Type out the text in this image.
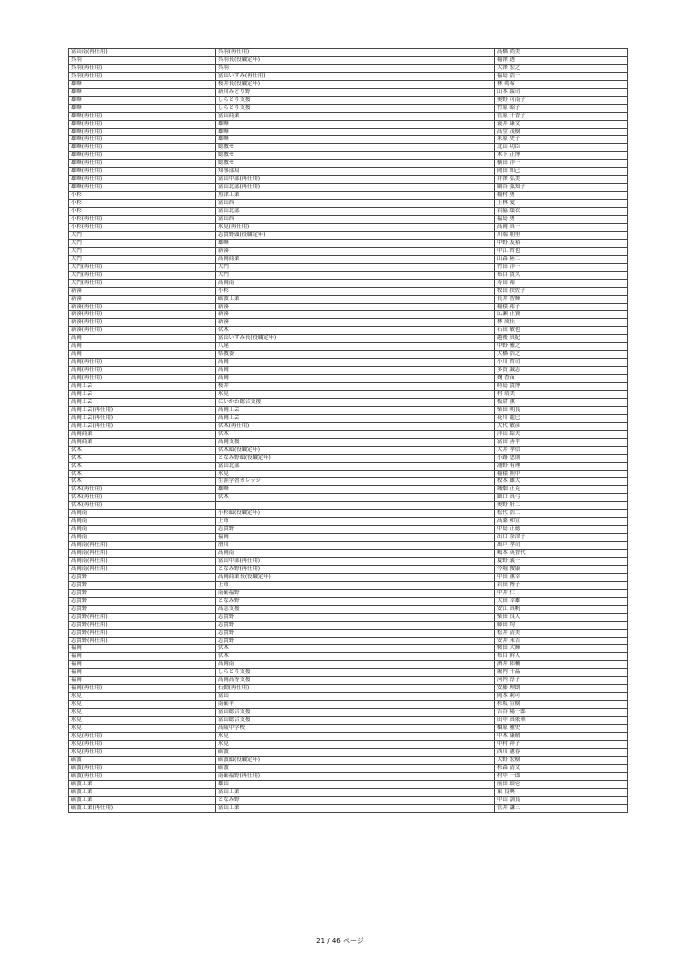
富山南(再任用)	呉羽(再任用)	高橋 尚美
呉羽	呉羽長(役職定年)	稲澤 透
呉羽(再任用)	呉羽	大澤 宏之
呉羽(再任用)	富山いずみ(再任用)	福島 浩一
雄峰	桜井長(役職定年)	林 眞希
雄峰	新川みどり野	山本 綾司
雄峰	しらとり支援	奥野 可南子
雄峰	しらとり支援	竹原 昭子
雄峰(再任用)	富山商業	菅原 千香子
雄峰(再任用)	雄峰	蓑井 康文
雄峰(再任用)	雄峰	高堂 茂樹
雄峰(再任用)	雄峰	米原 史子
雄峰(再任用)	総教セ	北山 功臣
雄峰(再任用)	総教セ	木下 正博
雄峰(再任用)	総教セ	横田 洋一
雄峰(再任用)	知事部局	岡田 知己
雄峰(再任用)	富山中部(再任用)	井澤 弘美
雄峰(再任用)	富山北部(再任用)	網谷 弦知子
小杉	魚津工業	稲村 勇
小杉	富山西	上林 愛
小杉	富山北部	岩脇 頌衣
小杉(再任用)	富山西	福島 勇
小杉(再任用)	氷見(再任用)	高岡 真一
大門	志貴野頭(役職定年)	川端 朋里
大門	雄峰	中野 友裕
大門	新湊	中江 哲也
大門	高岡商業	山森 陸二
大門(再任用)	大門	竹田 洋一
大門(再任用)	大門	布目 貴久
大門(再任用)	高岡南	寿田 裕
新湊	小杉	牧田 扶佐子
新湊	砺波工業	長井 智輝
新湊(再任用)	新湊	稲積 祐子
新湊(再任用)	新湊	広瀬 正資
新湊(再任用)	新湊	林 成佳
新湊(再任用)	伏木	石田 敏也
高岡	富山いずみ長(役職定年)	越後 真紀
高岡	八尾	中野 雅之
高岡	県教委	大橋 浩之
高岡(再任用)	高岡	小川 哲司
高岡(再任用)	高岡	多賀 誠志
高岡(再任用)	高岡	麹 香苗
高岡工芸	桜井	時島 貴博
高岡工芸	氷見	村 靖美
高岡工芸	にいかわ総合支援	板倉 薫
高岡工芸(再任用)	高岡工芸	柴田 明良
高岡工芸(再任用)	高岡工芸	花川 龍巳
高岡工芸(再任用)	伏木(再任用)	大代 敏彦
高岡商業	伏木	洋山 紹夫
高岡商業	高岡支援	富田 善平
伏木	伏木頭(役職定年)	大井 孝信
伏木	となみ野頭(役職定年)	小路 忠則
伏木	富山北部	浦野 有理
伏木	氷見	稲積 照中
伏木	生涯学習カレッジ	牧本 雄大
伏木(再任用)	雄峰	城畑 正克
伏木(再任用)	伏木	細口 真弓
伏木(再任用)		奥野 肝二
高岡南	小杉頭(役職定年)	松代 浩二
高岡南	上市	高桑 和宣
高岡南	志貴野	中島 正徳
高岡南	福岡	出口 奈津子
高岡南(再任用)	滑川	萬戸 孝司
高岡南(再任用)	高岡南	嶋本 英智代
高岡南(再任用)	富山中部(再任用)	夏野 義一
高岡南(再任用)	となみ野(再任用)	今堀 俊康
志貴野	高岡商業長(役職定年)	中田 薫幸
志貴野	上市	岩田 博子
志貴野	南砺福野	中井 仁
志貴野	となみ野	大田 幸雄
志貴野	高志支援	安江 真帆
志貴野(再任用)	志貴野	柴田 良人
志貴野(再任用)	志貴野	藤田 均
志貴野(再任用)	志貴野	松井 清美
志貴野(再任用)	志貴野	安井 末吉
福岡	伏木	鞍田 大輝
福岡	伏木	布目 幹人
福岡	高岡南	酒井 佑輔
福岡	しらとり支援	堀内 千晶
福岡	高岡高等支援	河内 淳子
福岡(再任用)	石動(再任用)	安藤 理朗
氷見	富山	岡本 莉可
氷見	南砺平	杉坂 宣樹
氷見	富山総合支援	吉谷 陽一郎
氷見	富山総合支援	田中 真依華
氷見	高陵中学校	橋原 雅史
氷見(再任用)	氷見	中木 康晴
氷見(再任用)	氷見	中村 祥子
氷見(再任用)	砺波	西川 憲春
砺波	砺波頭(役職定年)	大野 宏樹
砺波(再任用)	砺波	杉森 清文
砺波(再任用)	南砺福野(再任用)	村中 一郎
砺波工業	雄山	前田 琅壱
砺波工業	富山工業	東 良典
砺波工業	となみ野	中山 訓良
砺波工業(再任用)	富山工業	菅井 謙三
21 / 46 ページ
